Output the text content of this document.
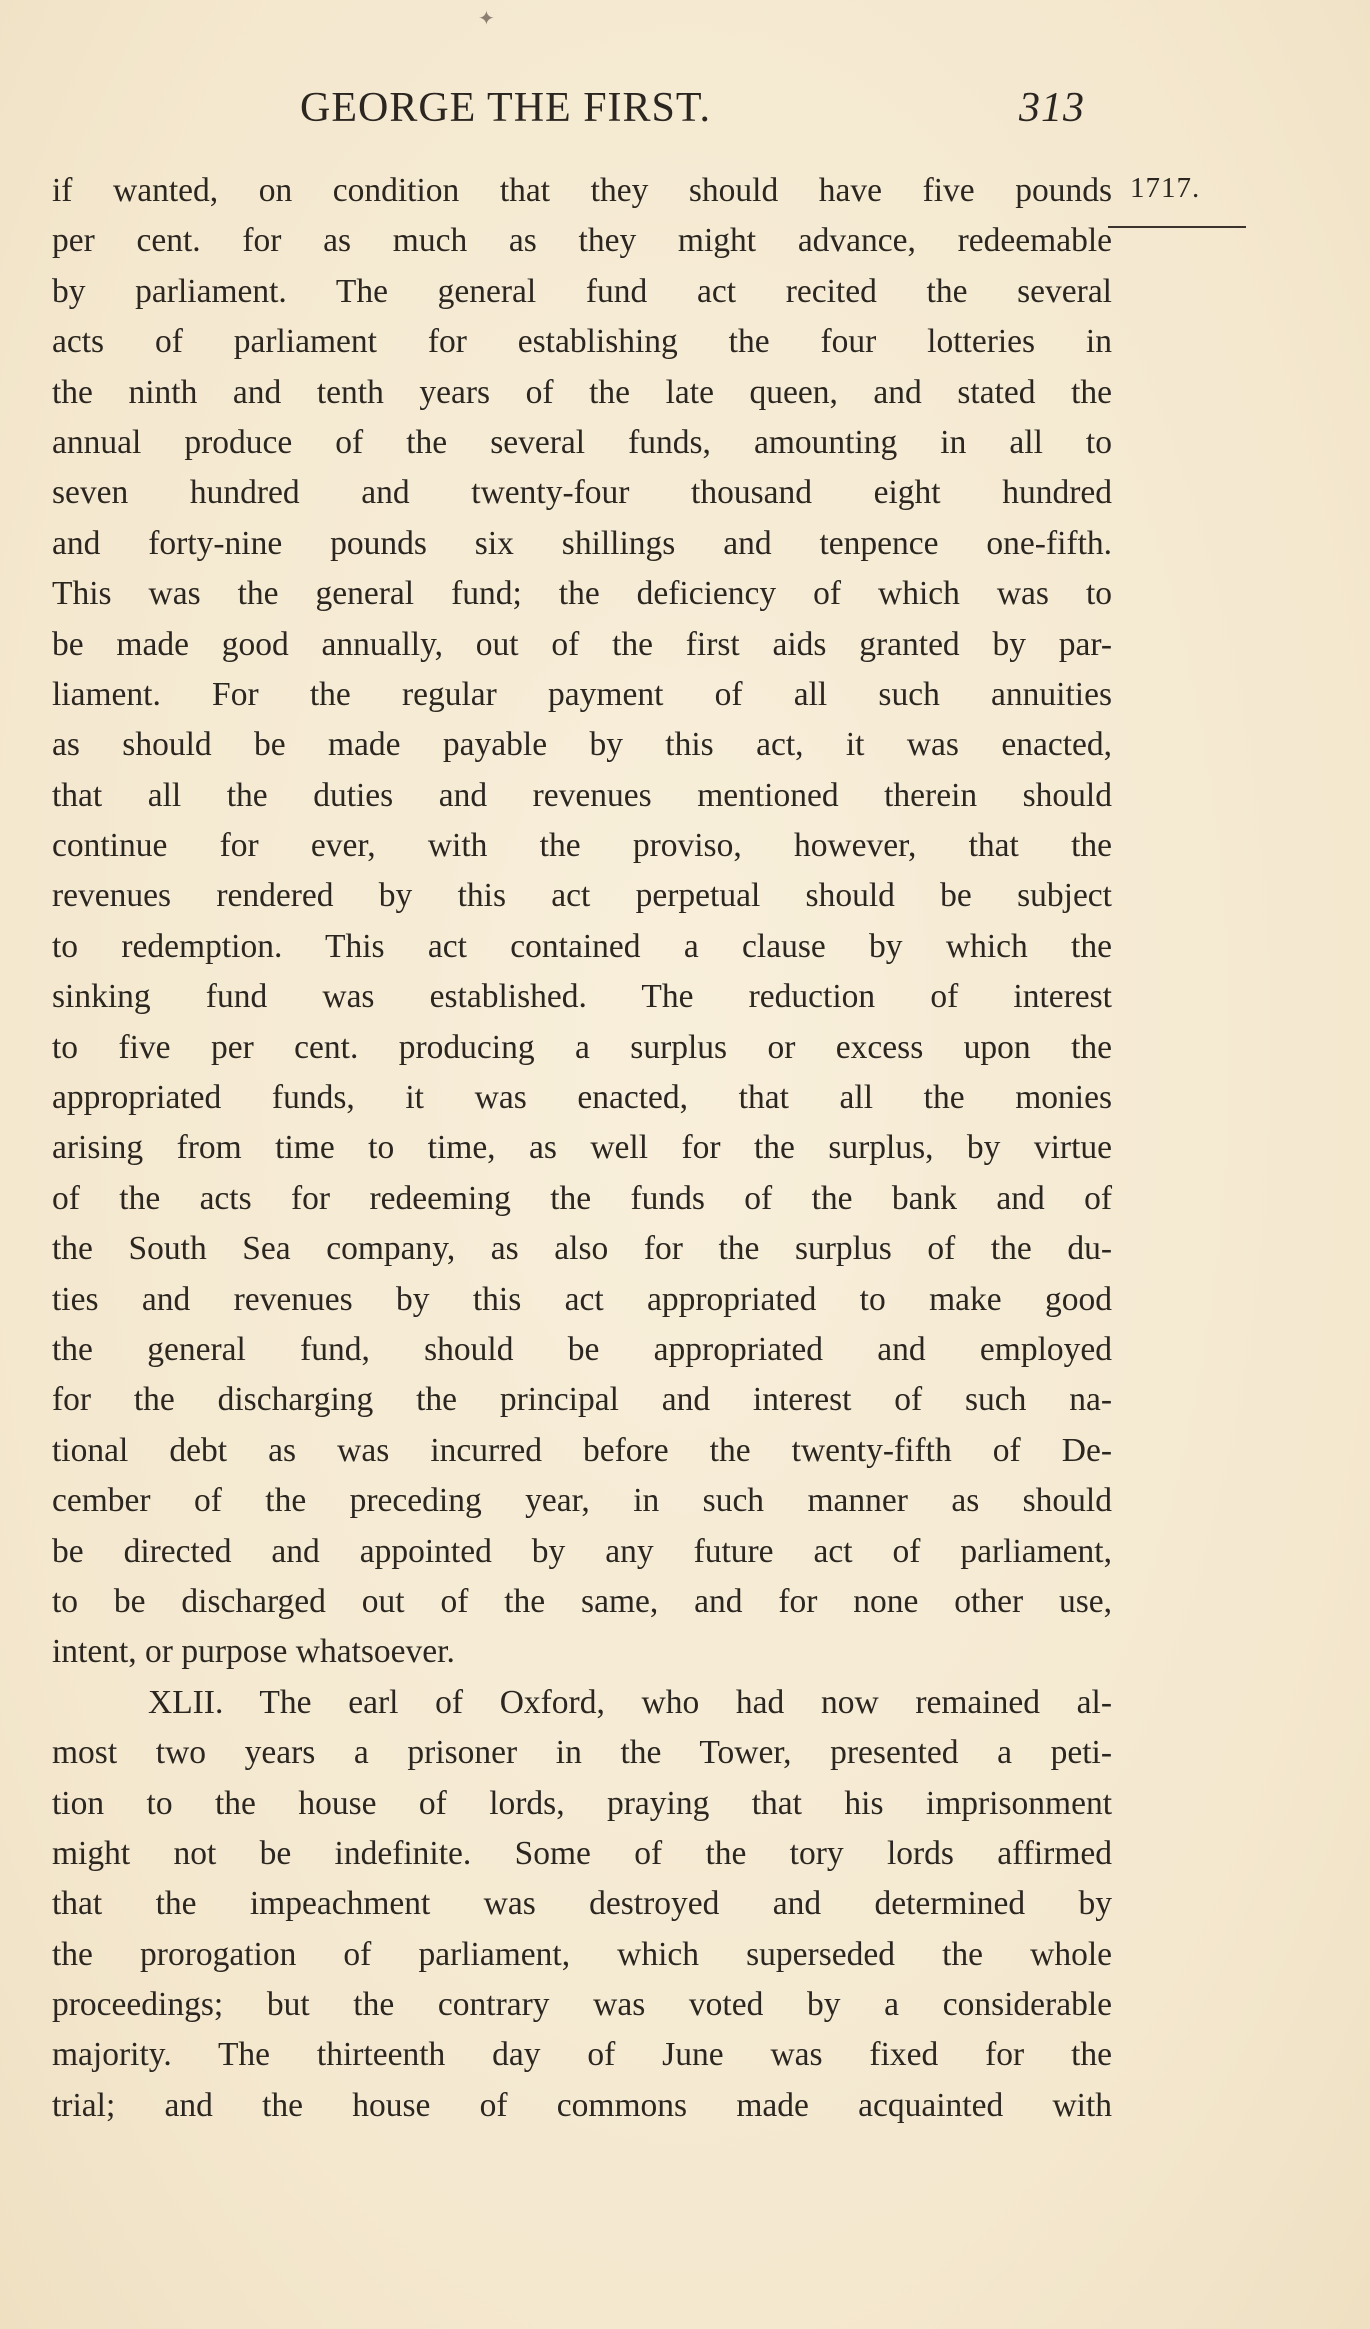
✦
GEORGE THE FIRST.	313
1717.
if wanted, on condition that they should have five pounds
per cent. for as much as they might advance, redeemable
by parliament. The general fund act recited the several
acts of parliament for establishing the four lotteries in
the ninth and tenth years of the late queen, and stated the
annual produce of the several funds, amounting in all to
seven hundred and twenty-four thousand eight hundred
and forty-nine pounds six shillings and tenpence one-fifth.
This was the general fund; the deficiency of which was to
be made good annually, out of the first aids granted by par-
liament. For the regular payment of all such annuities
as should be made payable by this act, it was enacted,
that all the duties and revenues mentioned therein should
continue for ever, with the proviso, however, that the
revenues rendered by this act perpetual should be subject
to redemption. This act contained a clause by which the
sinking fund was established. The reduction of interest
to five per cent. producing a surplus or excess upon the
appropriated funds, it was enacted, that all the monies
arising from time to time, as well for the surplus, by virtue
of the acts for redeeming the funds of the bank and of
the South Sea company, as also for the surplus of the du-
ties and revenues by this act appropriated to make good
the general fund, should be appropriated and employed
for the discharging the principal and interest of such na-
tional debt as was incurred before the twenty-fifth of De-
cember of the preceding year, in such manner as should
be directed and appointed by any future act of parliament,
to be discharged out of the same, and for none other use,
intent, or purpose whatsoever.
XLII. The earl of Oxford, who had now remained al-
most two years a prisoner in the Tower, presented a peti-
tion to the house of lords, praying that his imprisonment
might not be indefinite. Some of the tory lords affirmed
that the impeachment was destroyed and determined by
the prorogation of parliament, which superseded the whole
proceedings; but the contrary was voted by a considerable
majority. The thirteenth day of June was fixed for the
trial; and the house of commons made acquainted with
